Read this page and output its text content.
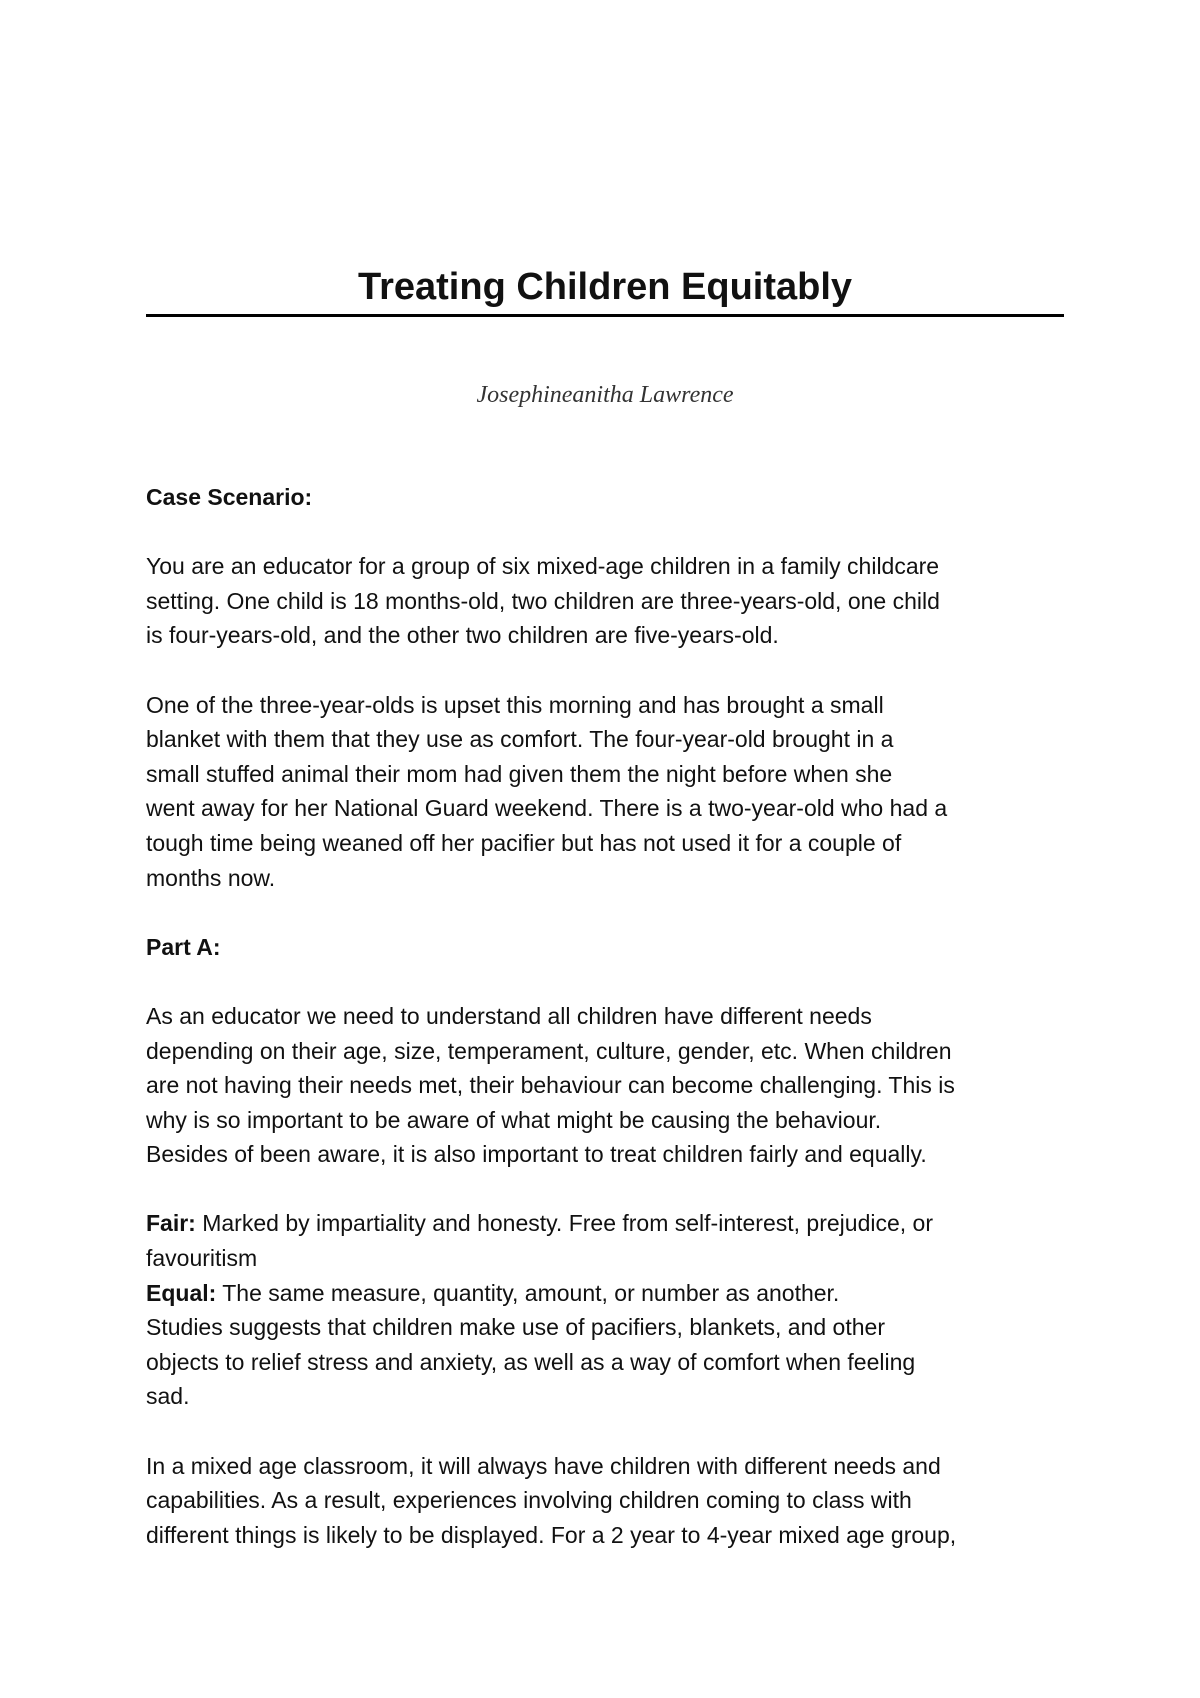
Treating Children Equitably
Josephineanitha Lawrence
Case Scenario:
You are an educator for a group of six mixed-age children in a family childcare
setting. One child is 18 months-old, two children are three-years-old, one child
is four-years-old, and the other two children are five-years-old.
One of the three-year-olds is upset this morning and has brought a small
blanket with them that they use as comfort. The four-year-old brought in a
small stuffed animal their mom had given them the night before when she
went away for her National Guard weekend. There is a two-year-old who had a
tough time being weaned off her pacifier but has not used it for a couple of
months now.
Part A:
As an educator we need to understand all children have different needs
depending on their age, size, temperament, culture, gender, etc. When children
are not having their needs met, their behaviour can become challenging. This is
why is so important to be aware of what might be causing the behaviour.
Besides of been aware, it is also important to treat children fairly and equally.
Fair: Marked by impartiality and honesty. Free from self-interest, prejudice, or
favouritism
Equal: The same measure, quantity, amount, or number as another.
Studies suggests that children make use of pacifiers, blankets, and other
objects to relief stress and anxiety, as well as a way of comfort when feeling
sad.
In a mixed age classroom, it will always have children with different needs and
capabilities. As a result, experiences involving children coming to class with
different things is likely to be displayed. For a 2 year to 4-year mixed age group,
